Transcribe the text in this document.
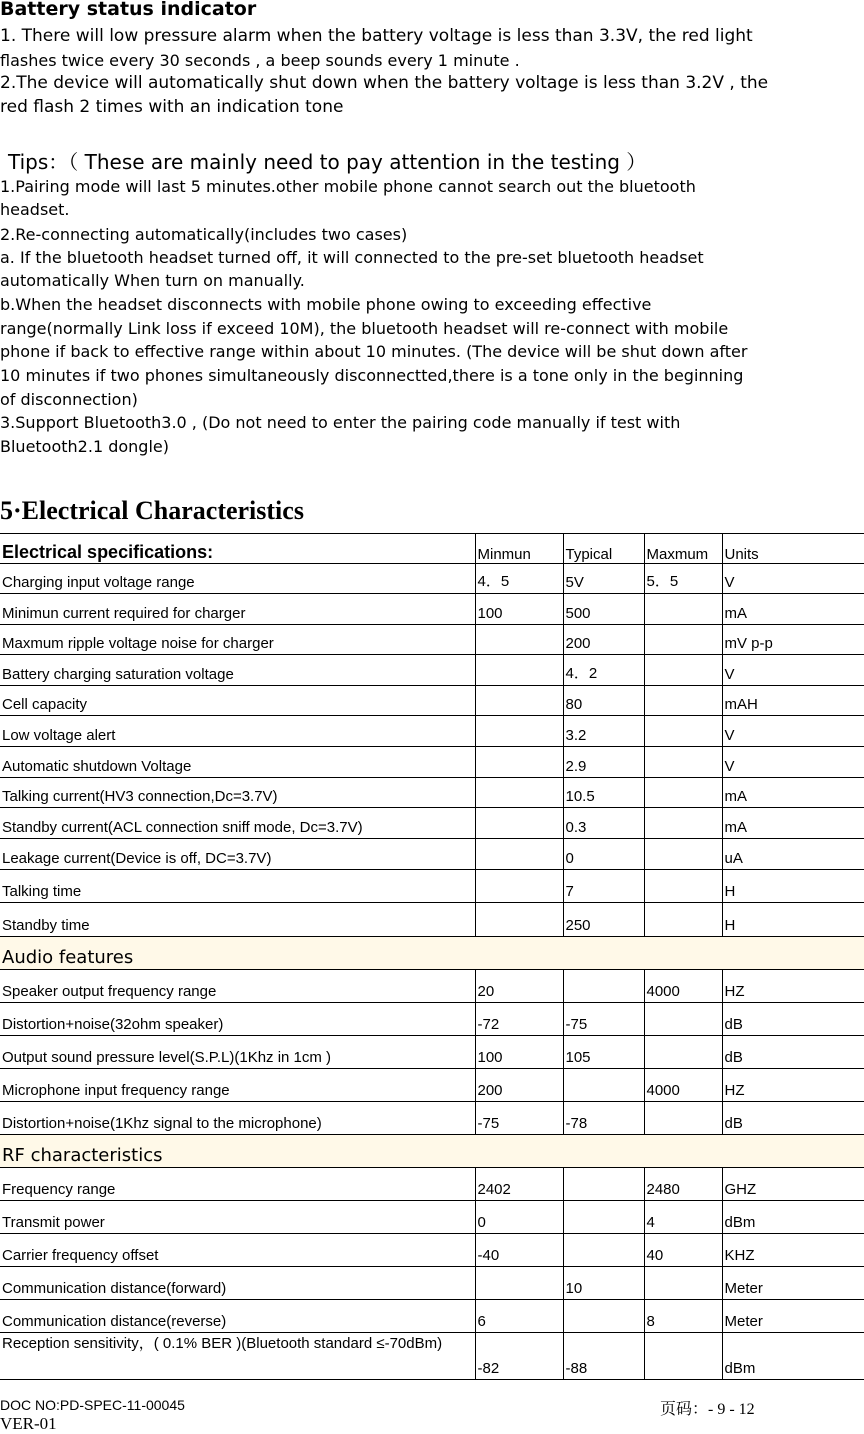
Battery status indicator
1. There will low pressure alarm when the battery voltage is less than 3.3V, the red light
flashes twice every 30 seconds , a beep sounds every 1 minute .
2.The device will automatically shut down when the battery voltage is less than 3.2V , the
red flash 2 times with an indication tone
Tips：（ These are mainly need to pay attention in the testing ）
1.Pairing mode will last 5 minutes.other mobile phone cannot search out the bluetooth
headset.
2.Re-connecting automatically(includes two cases)
a. If the bluetooth headset turned off, it will connected to the pre-set bluetooth headset
automatically When turn on manually.
b.When the headset disconnects with mobile phone owing to exceeding effective
range(normally Link loss if exceed 10M), the bluetooth headset will re-connect with mobile
phone if back to effective range within about 10 minutes. (The device will be shut down after
10 minutes if two phones simultaneously disconnectted,there is a tone only in the beginning
of disconnection)
3.Support Bluetooth3.0 , (Do not need to enter the pairing code manually if test with
Bluetooth2.1 dongle)
5·Electrical Characteristics
Electrical specifications:	Minmun	Typical	Maxmum	Units
Charging input voltage range	4．5	5V	5．5	V
Minimun current required for charger	100	500		mA
Maxmum ripple voltage noise for charger		200		mV p-p
Battery charging saturation voltage		4．2		V
Cell capacity		80		mAH
Low voltage alert		3.2		V
Automatic shutdown Voltage		2.9		V
Talking current(HV3 connection,Dc=3.7V)		10.5		mA
Standby current(ACL connection sniff mode, Dc=3.7V)		0.3		mA
Leakage current(Device is off, DC=3.7V)		0		uA
Talking time		7		H
Standby time		250		H
Audio features				
Speaker output frequency range	20		4000	HZ
Distortion+noise(32ohm speaker)	-72	-75		dB
Output sound pressure level(S.P.L)(1Khz in 1cm )	100	105		dB
Microphone input frequency range	200		4000	HZ
Distortion+noise(1Khz signal to the microphone)	-75	-78		dB
RF characteristics				
Frequency range	2402		2480	GHZ
Transmit power	0		4	dBm
Carrier frequency offset	-40		40	KHZ
Communication distance(forward)		10		Meter
Communication distance(reverse)	6		8	Meter
Reception sensitivity，( 0.1% BER )(Bluetooth standard ≤-70dBm)	-82	-88		dBm
DOC NO:PD-SPEC-11-00045
VER-01
页码：- 9 - 12
